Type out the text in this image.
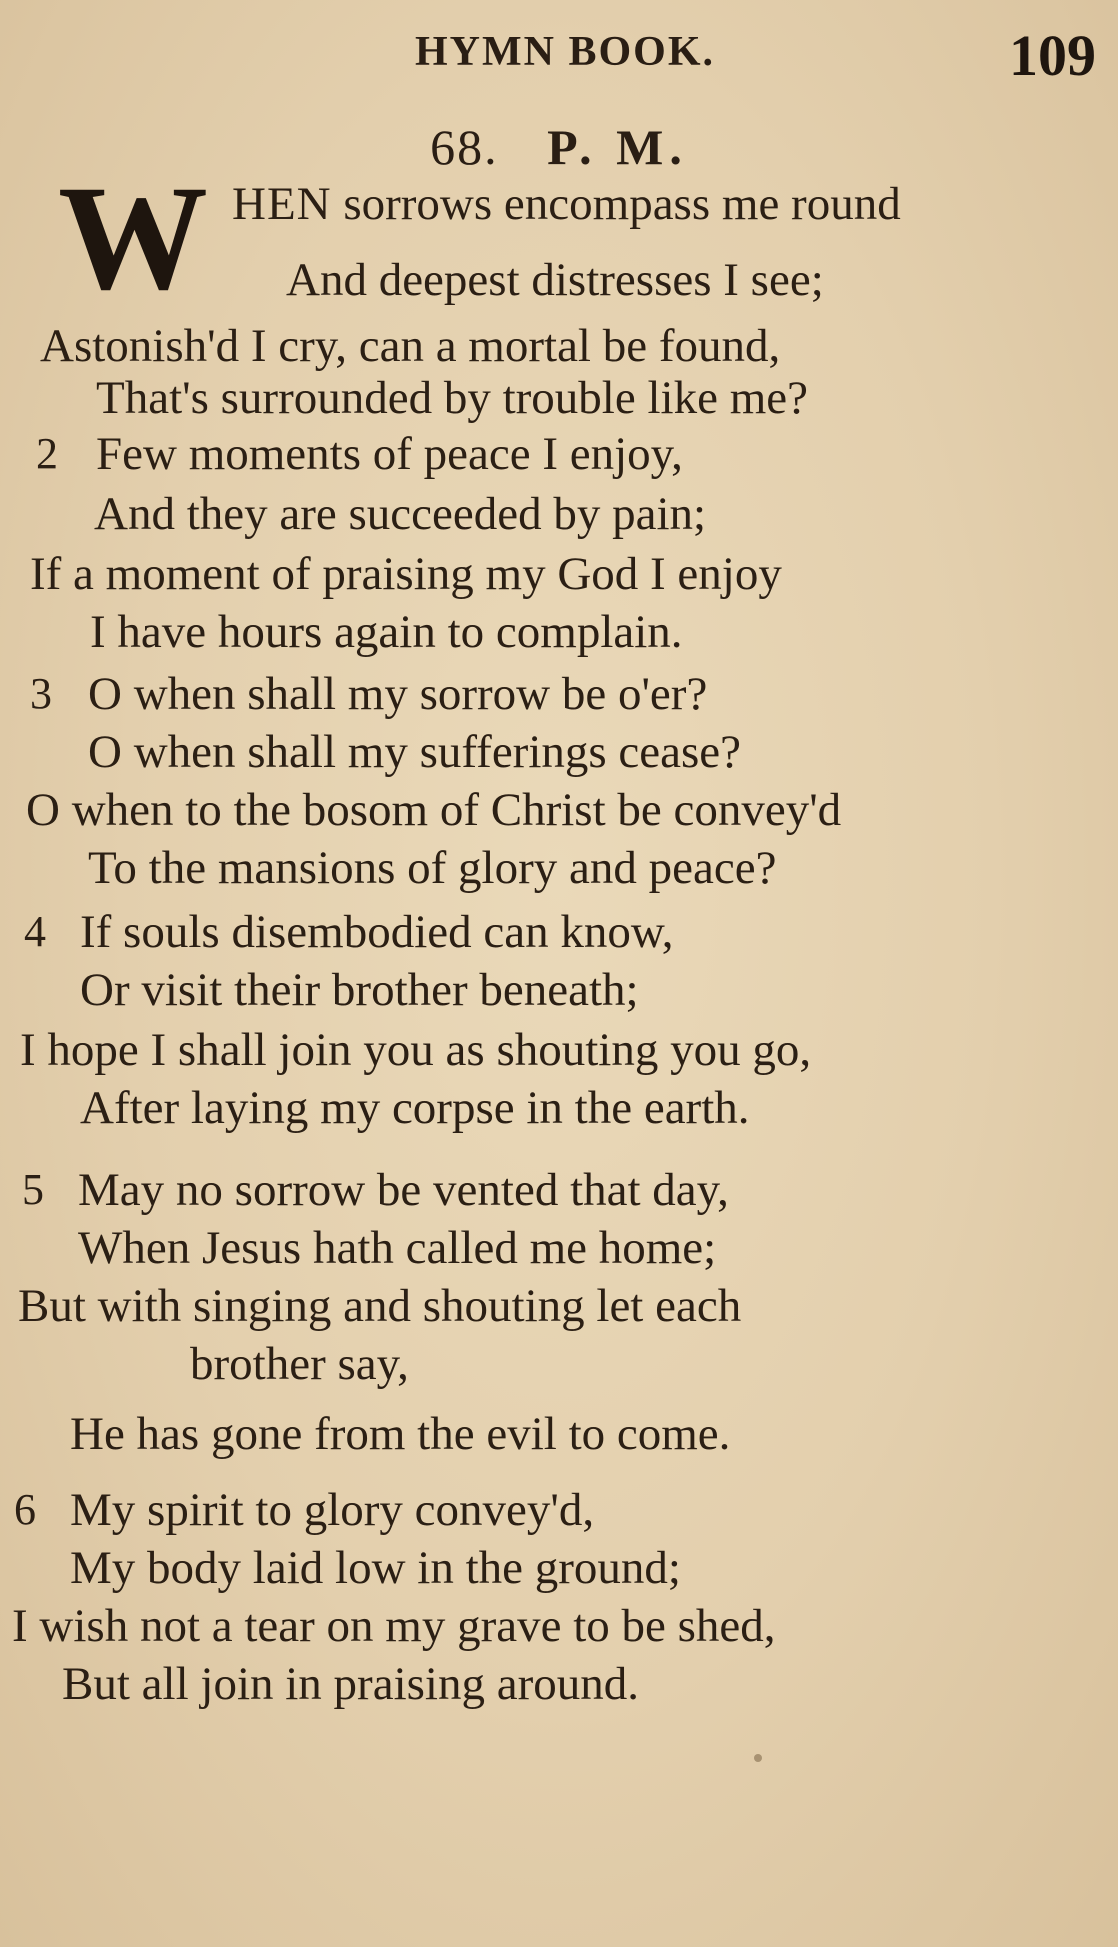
HYMN BOOK.	109
68. P. M.
W HEN sorrows encompass me round
And deepest distresses I see;
Astonish'd I cry, can a mortal be found,
That's surrounded by trouble like me?
2 Few moments of peace I enjoy,
And they are succeeded by pain;
If a moment of praising my God I enjoy
I have hours again to complain.
3 O when shall my sorrow be o'er?
O when shall my sufferings cease?
O when to the bosom of Christ be convey'd
To the mansions of glory and peace?
4 If souls disembodied can know,
Or visit their brother beneath;
I hope I shall join you as shouting you go,
After laying my corpse in the earth.
5 May no sorrow be vented that day,
When Jesus hath called me home;
But with singing and shouting let each
brother say,
He has gone from the evil to come.
6 My spirit to glory convey'd,
My body laid low in the ground;
I wish not a tear on my grave to be shed,
But all join in praising around.
